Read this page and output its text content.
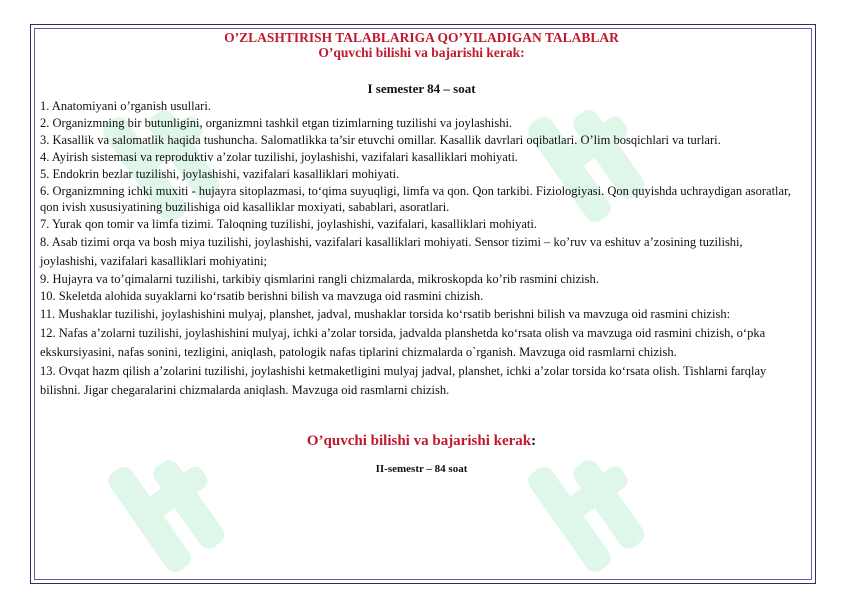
O’ZLASHTIRISH TALABLARIGA QO’YILADIGAN TALABLAR
O’quvchi bilishi va bajarishi kerak:
I semester 84 – soat
1. Anatomiyani o’rganish usullari.
2. Organizmning bir butunligini, organizmni tashkil etgan tizimlarning tuzilishi va joylashishi.
3. Kasallik va salomatlik haqida tushuncha. Salomatlikka ta’sir etuvchi omillar. Kasallik davrlari oqibatlari. O’lim bosqichlari va turlari.
4. Ayirish sistemasi va reproduktiv a’zolar tuzilishi, joylashishi, vazifalari kasalliklari mohiyati.
5. Endokrin bezlar tuzilishi, joylashishi, vazifalari kasalliklari mohiyati.
6. Organizmning ichki muxiti - hujayra sitoplazmasi, to‘qima suyuqligi, limfa va qon. Qon tarkibi. Fiziologiyasi. Qon quyishda uchraydigan asoratlar, qon ivish xususiyatining buzilishiga oid kasalliklar moxiyati, sabablari, asoratlari.
7. Yurak qon tomir va limfa tizimi. Taloqning tuzilishi, joylashishi, vazifalari, kasalliklari mohiyati.
8. Asab tizimi orqa va bosh miya tuzilishi, joylashishi, vazifalari kasalliklari mohiyati. Sensor tizimi – ko’ruv va eshituv a’zosining tuzilishi, joylashishi, vazifalari kasalliklari mohiyatini;
9. Hujayra va to’qimalarni tuzilishi, tarkibiy qismlarini rangli chizmalarda, mikroskopda ko’rib rasmini chizish.
10. Skeletda alohida suyaklarni ko‘rsatib berishni bilish va mavzuga oid rasmini chizish.
11. Mushaklar tuzilishi, joylashishini mulyaj, planshet, jadval, mushaklar torsida ko‘rsatib berishni bilish va mavzuga oid rasmini chizish:
12. Nafas a’zolarni tuzilishi, joylashishini mulyaj, ichki a’zolar torsida, jadvalda planshetda ko‘rsata olish va mavzuga oid rasmini chizish, o‘pka ekskursiyasini, nafas sonini, tezligini, aniqlash, patologik nafas tiplarini chizmalarda o`rganish. Mavzuga oid rasmlarni chizish.
13. Ovqat hazm qilish a’zolarini tuzilishi, joylashishi ketmaketligini mulyaj jadval, planshet, ichki a’zolar torsida ko‘rsata olish. Tishlarni farqlay bilishni. Jigar chegaralarini chizmalarda aniqlash. Mavzuga oid rasmlarni chizish.
O’quvchi bilishi va bajarishi kerak:
II-semestr – 84 soat
